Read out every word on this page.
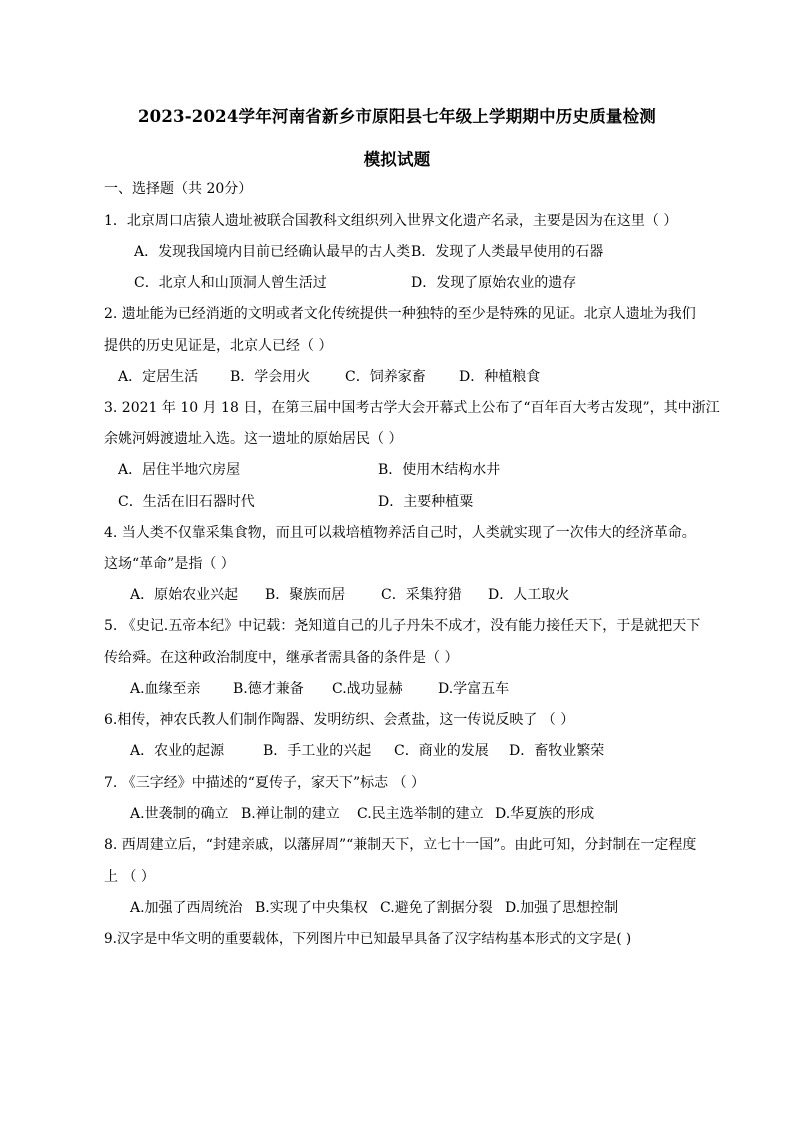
2023-2024学年河南省新乡市原阳县七年级上学期期中历史质量检测
模拟试题
一、选择题（共 20分）
1．北京周口店猿人遗址被联合国教科文组织列入世界文化遗产名录，主要是因为在这里（ ）
A．发现我国境内目前已经确认最早的古人类 B．发现了人类最早使用的石器
C．北京人和山顶洞人曾生活过	D．发现了原始农业的遗存
2. 遗址能为已经消逝的文明或者文化传统提供一种独特的至少是特殊的见证。北京人遗址为我们
提供的历史见证是，北京人已经（ ）
A．定居生活 B．学会用火 C．饲养家畜 D．种植粮食
3. 2021 年 10 月 18 日，在第三届中国考古学大会开幕式上公布了“百年百大考古发现”，其中浙江
余姚河姆渡遗址入选。这一遗址的原始居民（ ）
A．居住半地穴房屋	B．使用木结构水井
C．生活在旧石器时代	D．主要种植粟
4. 当人类不仅靠采集食物，而且可以栽培植物养活自己时，人类就实现了一次伟大的经济革命。
这场“革命”是指（ ）
A．原始农业兴起 B．聚族而居	C．采集狩猎 D．人工取火
5. 《史记.五帝本纪》中记载：尧知道自己的儿子丹朱不成才，没有能力接任天下，于是就把天下
传给舜。在这种政治制度中，继承者需具备的条件是（ ）
A.血缘至亲 B.德才兼备 C.战功显赫	D.学富五车
6.相传，神农氏教人们制作陶器、发明纺织、会煮盐，这一传说反映了 （ ）
A．农业的起源	B．手工业的兴起 C．商业的发展 D．畜牧业繁荣
7. 《三字经》中描述的“夏传子，家天下”标志 （ ）
A.世袭制的确立 B.禅让制的建立 C.民主选举制的建立 D.华夏族的形成
8. 西周建立后，“封建亲戚，以藩屏周”“兼制天下，立七十一国”。由此可知，分封制在一定程度
上 （ ）
A.加强了西周统治 B.实现了中央集权 C.避免了割据分裂 D.加强了思想控制
9.汉字是中华文明的重要载体，下列图片中已知最早具备了汉字结构基本形式的文字是( )
